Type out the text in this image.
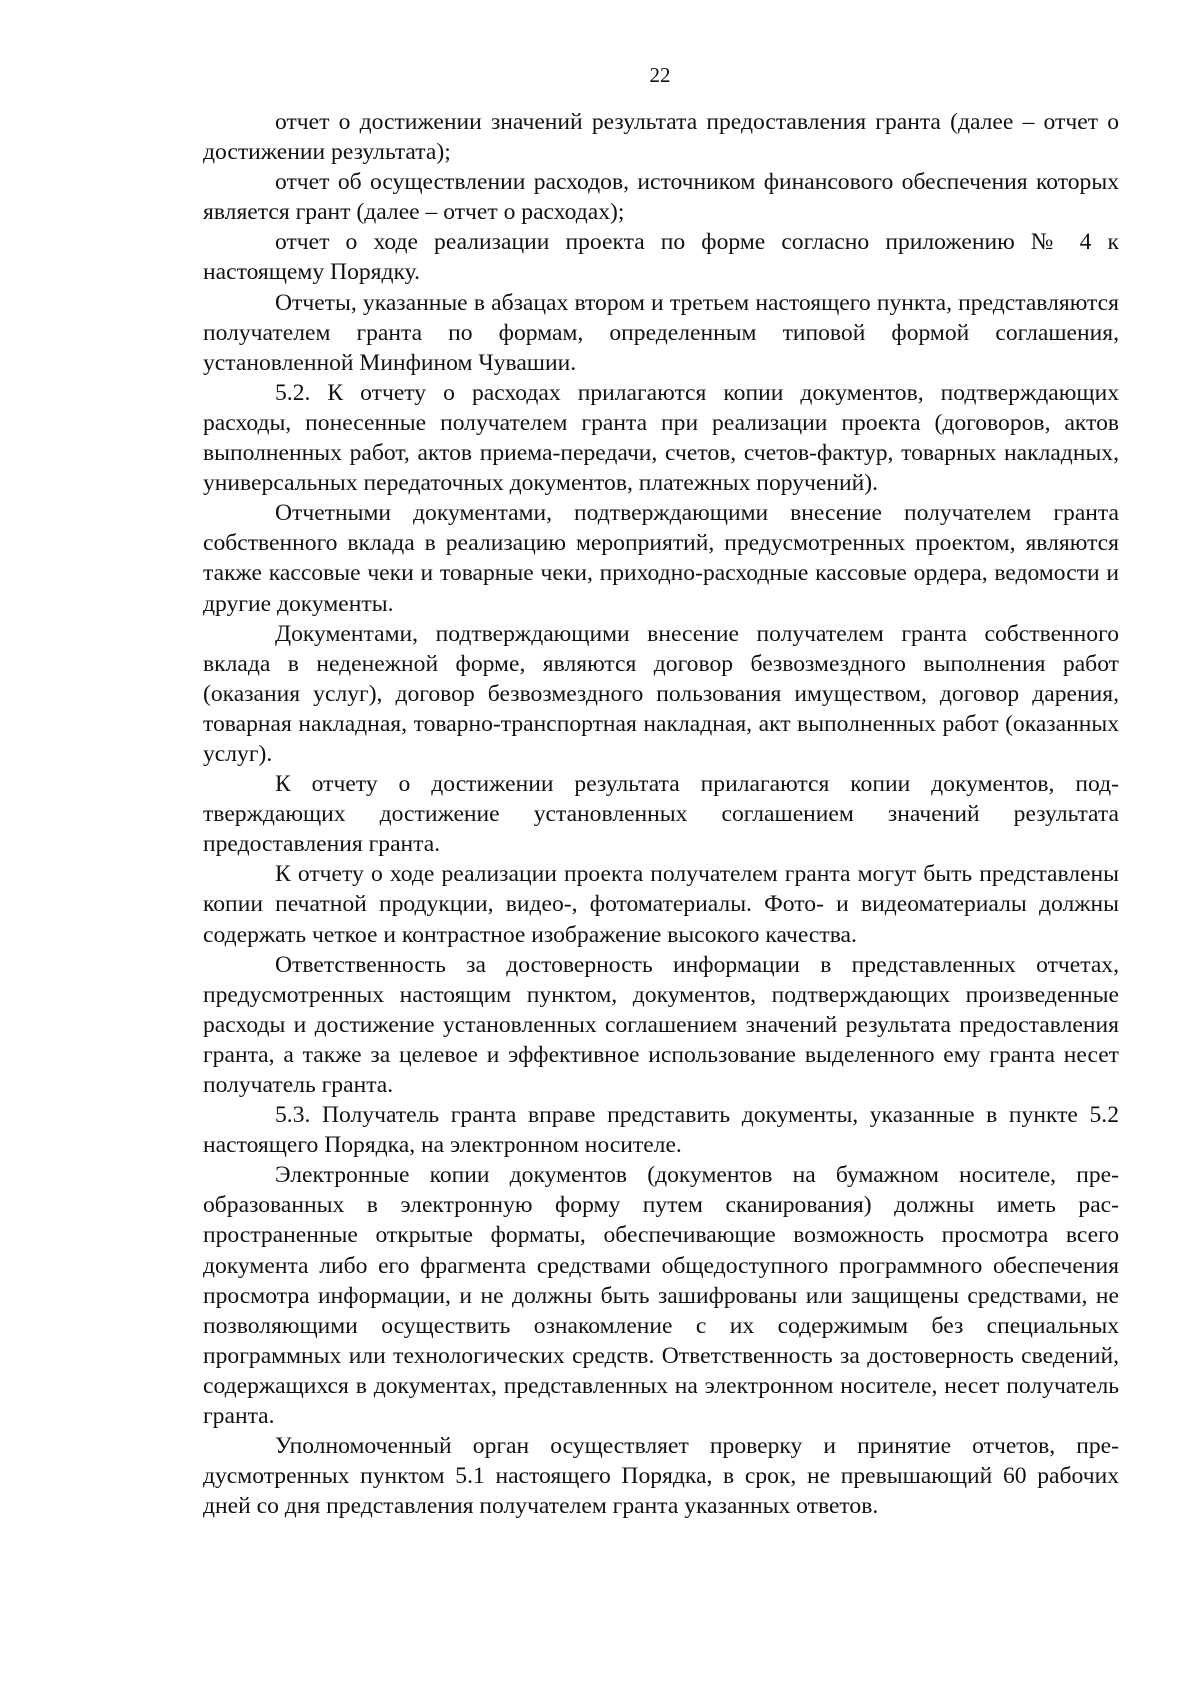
22

отчет о достижении значений результата предоставления гранта (далее – отчет о достижении результата);

отчет об осуществлении расходов, источником финансового обеспечения которых является грант (далее – отчет о расходах);

отчет о ходе реализации проекта по форме согласно приложению № 4 к настоящему Порядку.

Отчеты, указанные в абзацах втором и третьем настоящего пункта, представляются получателем гранта по формам, определенным типовой формой соглашения, установленной Минфином Чувашии.

5.2. К отчету о расходах прилагаются копии документов, подтверждающих расходы, понесенные получателем гранта при реализации проекта (договоров, актов выполненных работ, актов приема-передачи, счетов, счетов-фактур, товарных накладных, универсальных передаточных документов, платежных поручений).

Отчетными документами, подтверждающими внесение получателем гранта собственного вклада в реализацию мероприятий, предусмотренных проектом, являются также кассовые чеки и товарные чеки, приходно-расходные кассовые ордера, ведомости и другие документы.

Документами, подтверждающими внесение получателем гранта собственного вклада в неденежной форме, являются договор безвозмездного выполнения работ (оказания услуг), договор безвозмездного пользования имуществом, договор дарения, товарная накладная, товарно-транспортная накладная, акт выполненных работ (оказанных услуг).

К отчету о достижении результата прилагаются копии документов, подтверждающих достижение установленных соглашением значений результата предоставления гранта.

К отчету о ходе реализации проекта получателем гранта могут быть представлены копии печатной продукции, видео-, фотоматериалы. Фото- и видеоматериалы должны содержать четкое и контрастное изображение высокого качества.

Ответственность за достоверность информации в представленных отчетах, предусмотренных настоящим пунктом, документов, подтверждающих произведенные расходы и достижение установленных соглашением значений результата предоставления гранта, а также за целевое и эффективное использование выделенного ему гранта несет получатель гранта.

5.3. Получатель гранта вправе представить документы, указанные в пункте 5.2 настоящего Порядка, на электронном носителе.

Электронные копии документов (документов на бумажном носителе, преобразованных в электронную форму путем сканирования) должны иметь распространенные открытые форматы, обеспечивающие возможность просмотра всего документа либо его фрагмента средствами общедоступного программного обеспечения просмотра информации, и не должны быть зашифрованы или защищены средствами, не позволяющими осуществить ознакомление с их содержимым без специальных программных или технологических средств. Ответственность за достоверность сведений, содержащихся в документах, представленных на электронном носителе, несет получатель гранта.

Уполномоченный орган осуществляет проверку и принятие отчетов, предусмотренных пунктом 5.1 настоящего Порядка, в срок, не превышающий 60 рабочих дней со дня представления получателем гранта указанных ответов.
